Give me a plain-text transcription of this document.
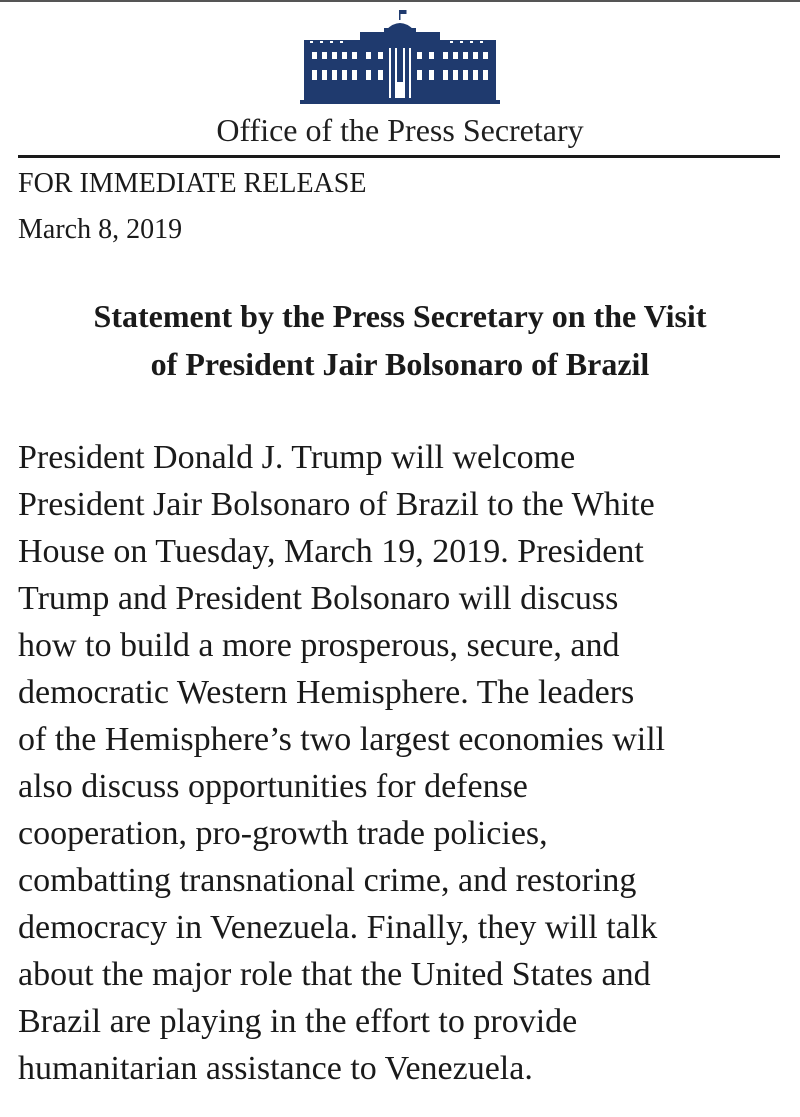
Office of the Press Secretary
FOR IMMEDIATE RELEASE
March 8, 2019
Statement by the Press Secretary on the Visit
of President Jair Bolsonaro of Brazil
President Donald J. Trump will welcome
President Jair Bolsonaro of Brazil to the White
House on Tuesday, March 19, 2019. President
Trump and President Bolsonaro will discuss
how to build a more prosperous, secure, and
democratic Western Hemisphere. The leaders
of the Hemisphere’s two largest economies will
also discuss opportunities for defense
cooperation, pro-growth trade policies,
combatting transnational crime, and restoring
democracy in Venezuela. Finally, they will talk
about the major role that the United States and
Brazil are playing in the effort to provide
humanitarian assistance to Venezuela.
